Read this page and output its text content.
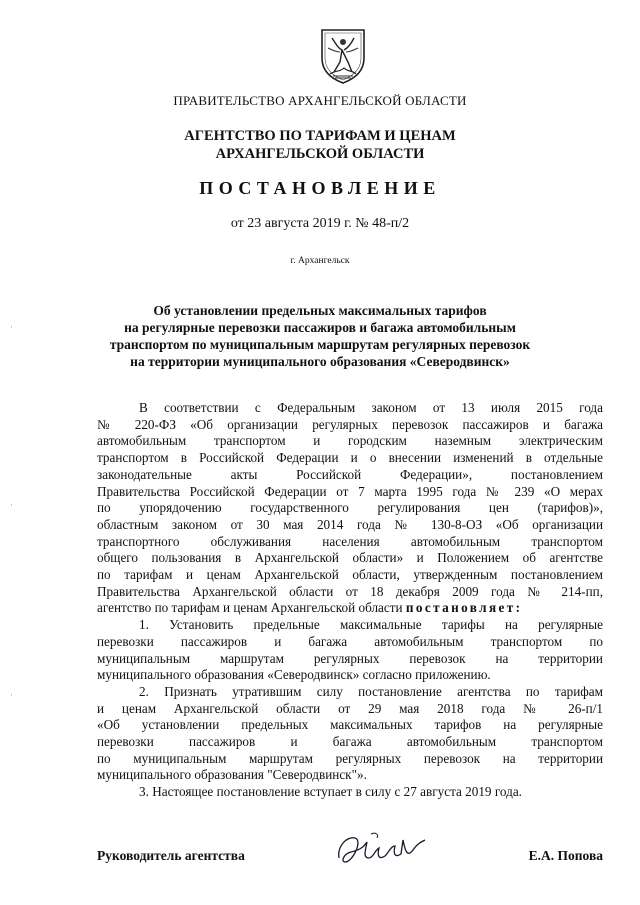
ПРАВИТЕЛЬСТВО АРХАНГЕЛЬСКОЙ ОБЛАСТИ
АГЕНТСТВО ПО ТАРИФАМ И ЦЕНАМ
АРХАНГЕЛЬСКОЙ ОБЛАСТИ
ПОСТАНОВЛЕНИЕ
от 23 августа 2019 г. № 48-п/2
г. Архангельск
Об установлении предельных максимальных тарифов
на регулярные перевозки пассажиров и багажа автомобильным
транспортом по муниципальным маршрутам регулярных перевозок
на территории муниципального образования «Северодвинск»
В соответствии с Федеральным законом от 13 июля 2015 года
№ 220-ФЗ «Об организации регулярных перевозок пассажиров и багажа
автомобильным транспортом и городским наземным электрическим
транспортом в Российской Федерации и о внесении изменений в отдельные
законодательные акты Российской Федерации», постановлением
Правительства Российской Федерации от 7 марта 1995 года № 239 «О мерах
по упорядочению государственного регулирования цен (тарифов)»,
областным законом от 30 мая 2014 года № 130-8-ОЗ «Об организации
транспортного обслуживания населения автомобильным транспортом
общего пользования в Архангельской области» и Положением об агентстве
по тарифам и ценам Архангельской области, утвержденным постановлением
Правительства Архангельской области от 18 декабря 2009 года № 214-пп,
агентство по тарифам и ценам Архангельской области постановляет:
1. Установить предельные максимальные тарифы на регулярные
перевозки пассажиров и багажа автомобильным транспортом по
муниципальным маршрутам регулярных перевозок на территории
муниципального образования «Северодвинск» согласно приложению.
2. Признать утратившим силу постановление агентства по тарифам
и ценам Архангельской области от 29 мая 2018 года № 26-п/1
«Об установлении предельных максимальных тарифов на регулярные
перевозки пассажиров и багажа автомобильным транспортом
по муниципальным маршрутам регулярных перевозок на территории
муниципального образования "Северодвинск"».
3. Настоящее постановление вступает в силу с 27 августа 2019 года.
Руководитель агентства	Е.А. Попова
·
·
·
